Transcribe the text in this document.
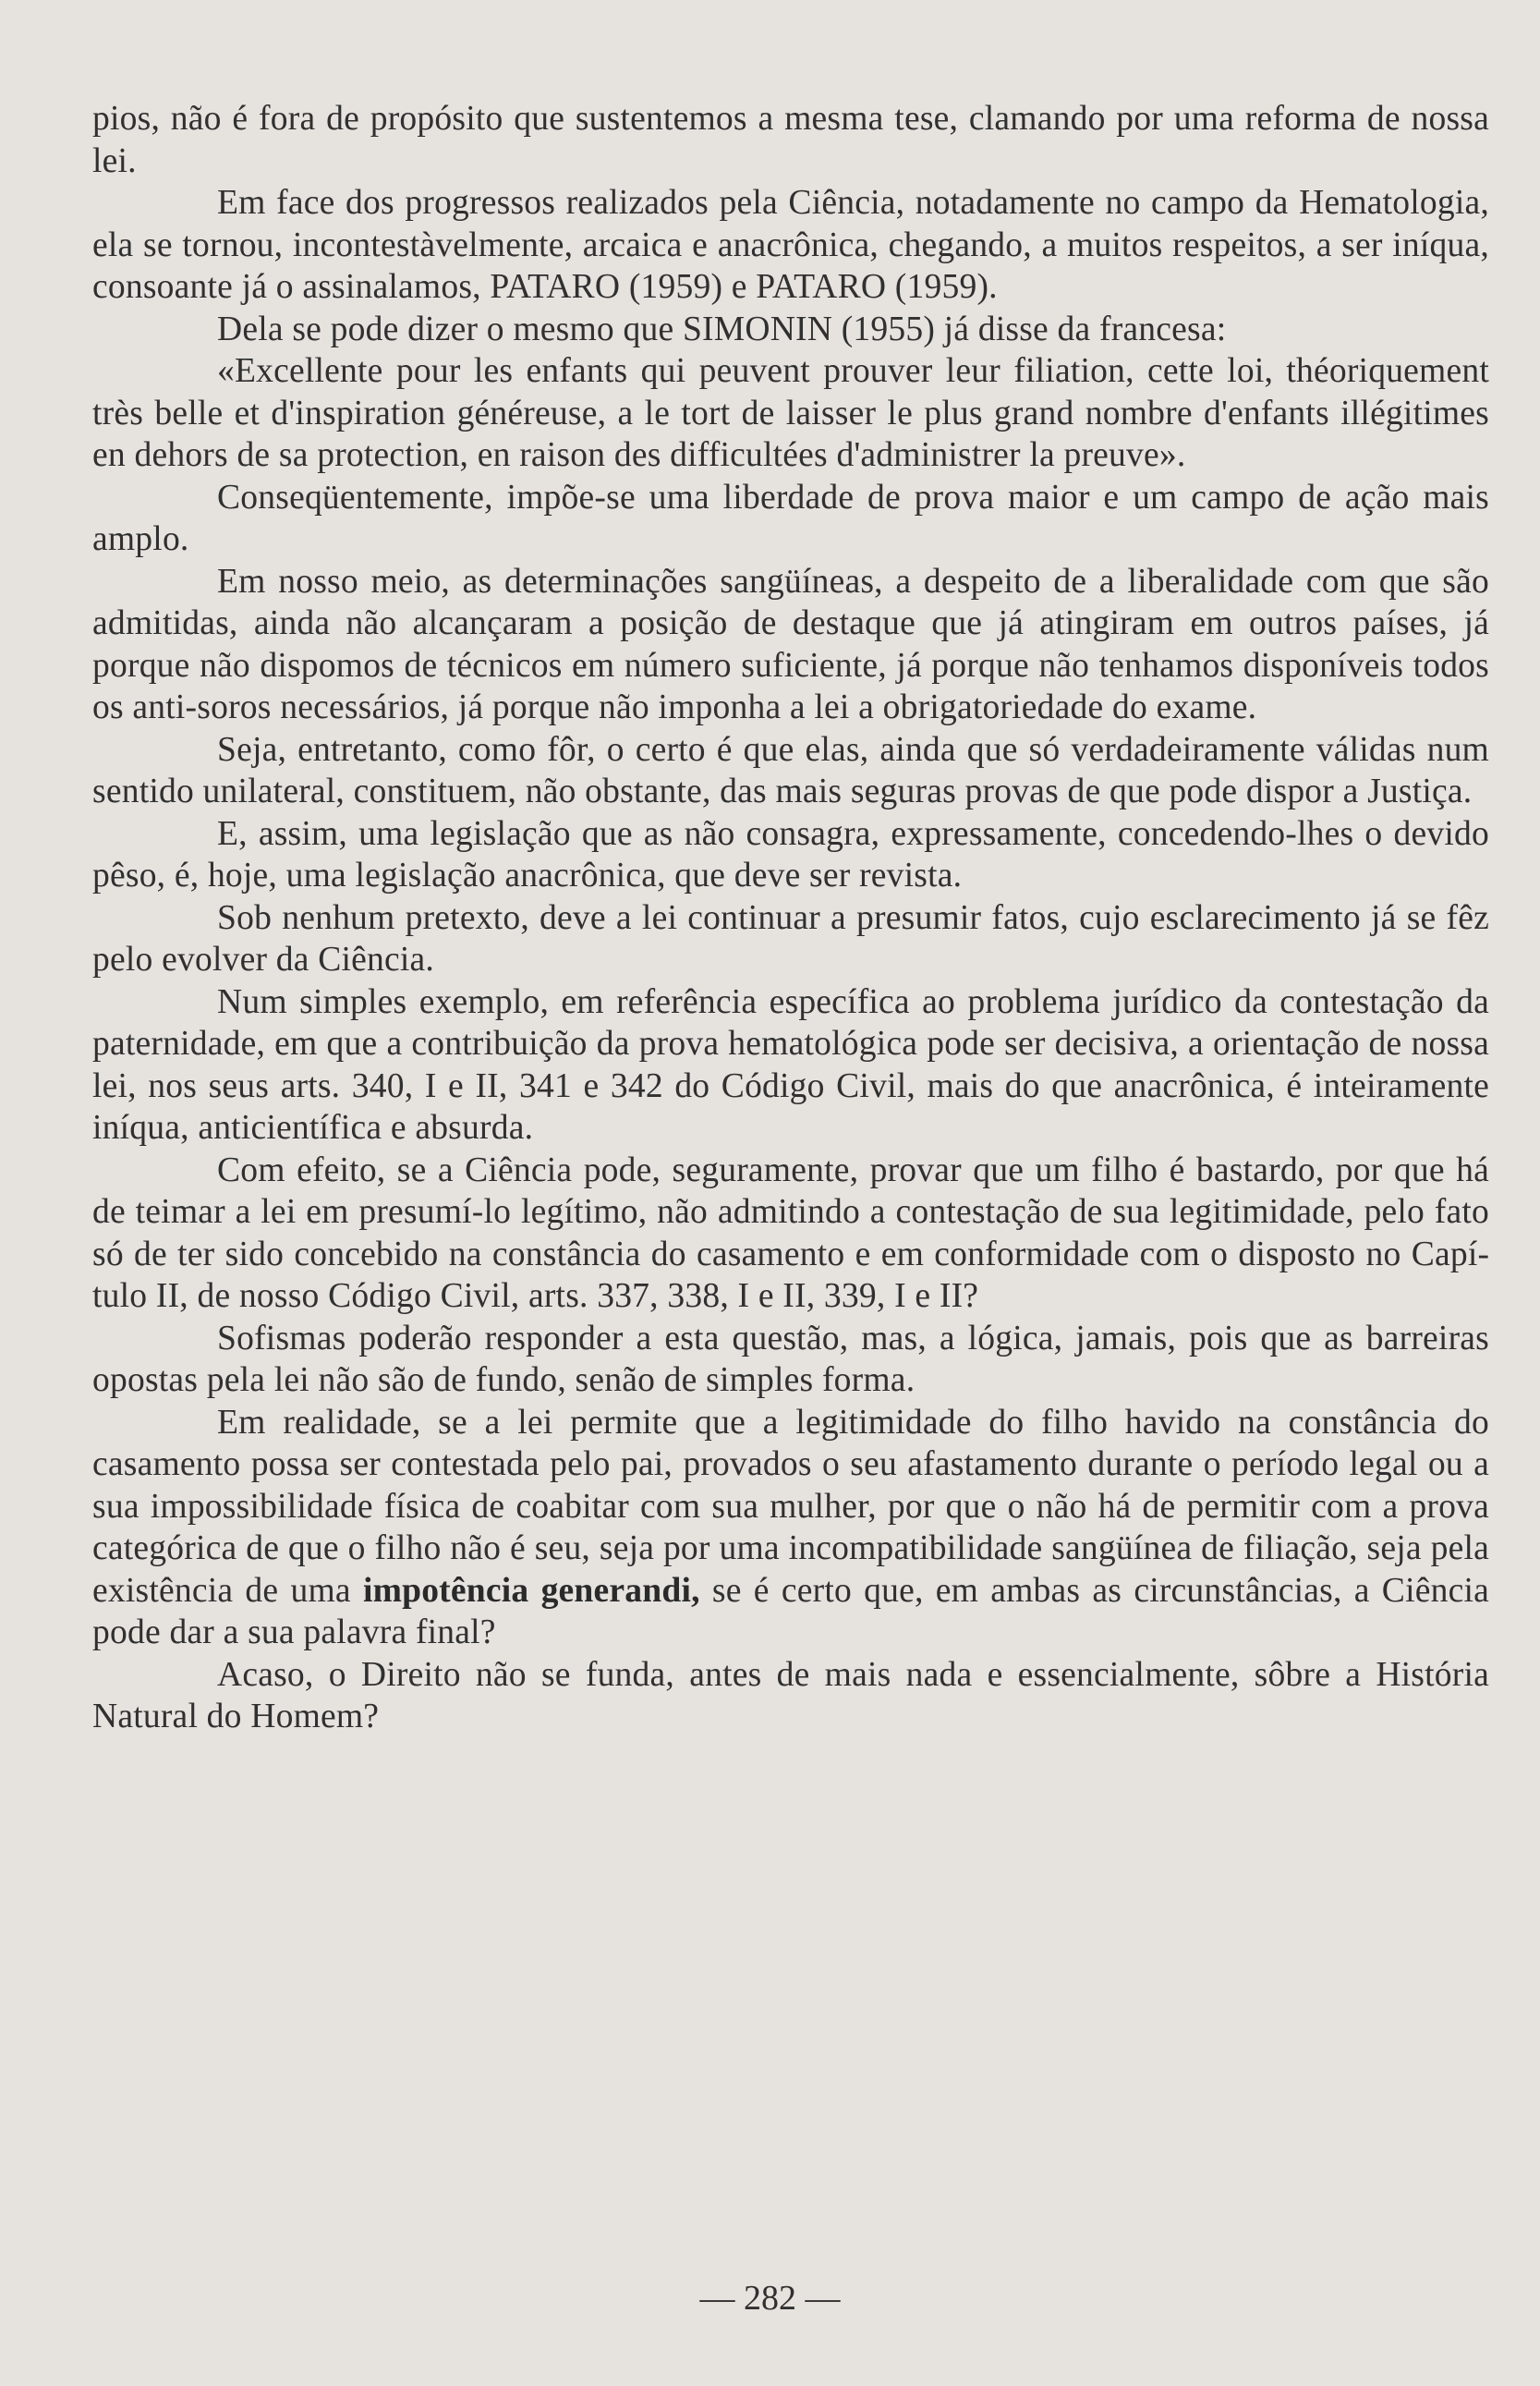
pios, não é fora de propósito que sustentemos a mesma tese, clamando por uma reforma de nossa lei.

Em face dos progressos realizados pela Ciência, notadamente no campo da Hematologia, ela se tornou, incontestàvelmente, arcaica e anacrônica, chegando, a muitos respeitos, a ser iníqua, consoante já o assinalamos, PATARO (1959) e PATARO (1959).

Dela se pode dizer o mesmo que SIMONIN (1955) já disse da francesa:

«Excellente pour les enfants qui peuvent prouver leur filiation, cette loi, théoriquement très belle et d'inspiration généreuse, a le tort de laisser le plus grand nombre d'enfants illégitimes en dehors de sa protection, en raison des difficultées d'administrer la preuve».

Conseqüentemente, impõe-se uma liberdade de prova maior e um campo de ação mais amplo.

Em nosso meio, as determinações sangüíneas, a despeito de a liberalidade com que são admitidas, ainda não alcançaram a posição de destaque que já atingiram em outros países, já porque não dispomos de técnicos em número suficiente, já porque não tenhamos disponíveis todos os anti-soros necessários, já porque não imponha a lei a obrigatoriedade do exame.

Seja, entretanto, como fôr, o certo é que elas, ainda que só verdadeiramente válidas num sentido unilateral, constituem, não obstante, das mais seguras provas de que pode dispor a Justiça.

E, assim, uma legislação que as não consagra, expressamente, concedendo-lhes o devido pêso, é, hoje, uma legislação anacrônica, que deve ser revista.

Sob nenhum pretexto, deve a lei continuar a presumir fatos, cujo esclarecimento já se fêz pelo evolver da Ciência.

Num simples exemplo, em referência específica ao problema jurídico da contestação da paternidade, em que a contribuição da prova hematológica pode ser decisiva, a orientação de nossa lei, nos seus arts. 340, I e II, 341 e 342 do Código Civil, mais do que anacrônica, é inteiramente iníqua, anticientífica e absurda.

Com efeito, se a Ciência pode, seguramente, provar que um filho é bastardo, por que há de teimar a lei em presumí-lo legítimo, não admitindo a contestação de sua legitimidade, pelo fato só de ter sido concebido na constância do casamento e em conformidade com o disposto no Capítulo II, de nosso Código Civil, arts. 337, 338, I e II, 339, I e II?

Sofismas poderão responder a esta questão, mas, a lógica, jamais, pois que as barreiras opostas pela lei não são de fundo, senão de simples forma.

Em realidade, se a lei permite que a legitimidade do filho havido na constância do casamento possa ser contestada pelo pai, provados o seu afastamento durante o período legal ou a sua impossibilidade física de coabitar com sua mulher, por que o não há de permitir com a prova categórica de que o filho não é seu, seja por uma incompatibilidade sangüínea de filiação, seja pela existência de uma impotência generandi, se é certo que, em ambas as circunstâncias, a Ciência pode dar a sua palavra final?

Acaso, o Direito não se funda, antes de mais nada e essencialmente, sôbre a História Natural do Homem?

— 282 —
